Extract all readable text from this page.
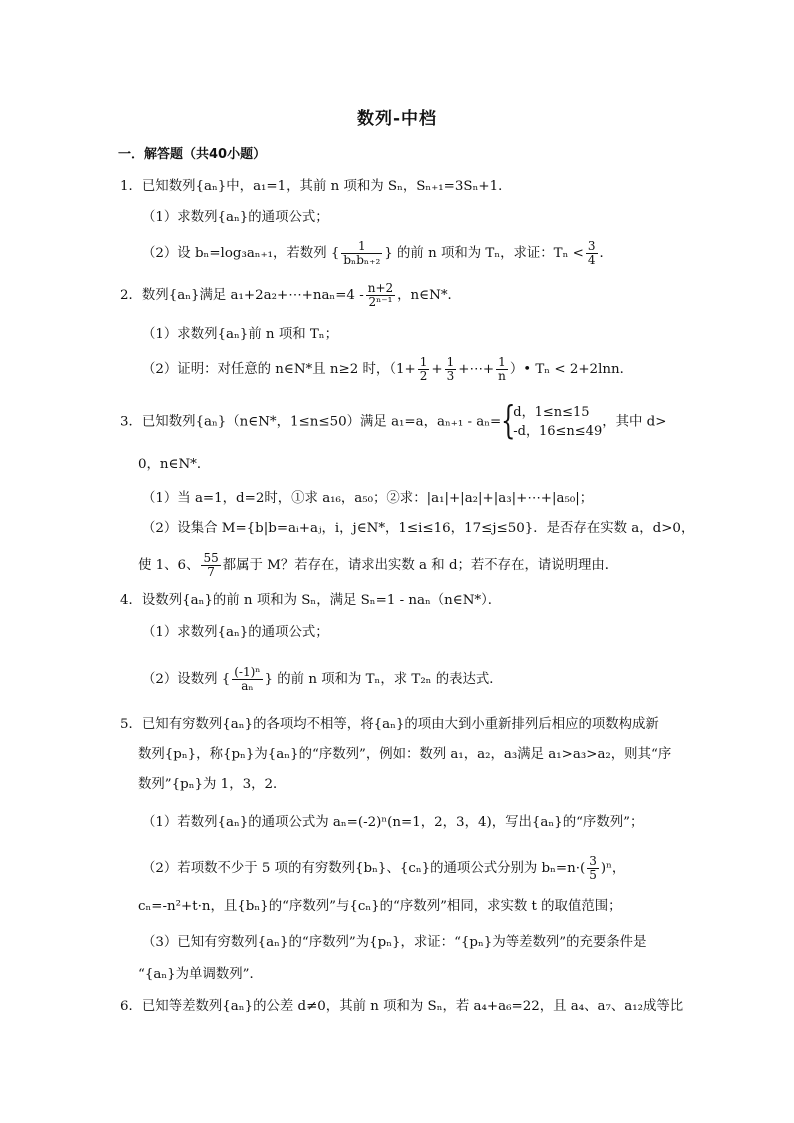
数列-中档
一．解答题（共40小题）
1．已知数列{aₙ}中，a₁=1，其前 n 项和为 Sₙ，Sₙ₊₁=3Sₙ+1．
（1）求数列{aₙ}的通项公式；
（2）设 bₙ=log₃aₙ₊₁，若数列 { $\frac{1}{\text{bₙbₙ₊₂}}$ } 的前 n 项和为 Tₙ，求证：$T_n < \frac{3}{4}$ ．
2．数列{aₙ}满足 a₁+2a₂+⋯+naₙ=4 - $\frac{n+2}{\text{2ⁿ⁻¹}}$ ，n∈N*．
（1）求数列{aₙ}前 n 项和 Tₙ；
（2）证明：对任意的 n∈N*且 n≥2 时，（$1+ \frac{1}{2} + \frac{1}{3}$ +⋯+ $\frac{1}{n}$ ）• Tₙ < 2+2lnn．
3．已知数列{aₙ}（n∈N*，1≤n≤50）满足 a₁=a，aₙ₊₁ - aₙ= {
d，1≤n≤15
-d，16≤n≤49
，其中 d>
0，n∈N*．
（1）当 a=1，d=2时，①求 a₁₆，a₅₀；②求：|a₁|+|a₂|+|a₃|+⋯+|a₅₀|；
（2）设集合 M={b|b=aᵢ+aⱼ，i，j∈N*，1≤i≤16，17≤j≤50}．是否存在实数 a，d>0，
使 1、6、 $\frac{55}{7}$ 都属于 M？若存在，请求出实数 a 和 d；若不存在，请说明理由．
4．设数列{aₙ}的前 n 项和为 Sₙ，满足 Sₙ=1 - naₙ（n∈N*）．
（1）求数列{aₙ}的通项公式；
（2）设数列 { $\frac{\text{(-1)ⁿ}}{\text{aₙ}}$ } 的前 n 项和为 Tₙ，求 T₂ₙ 的表达式．
5．已知有穷数列{aₙ}的各项均不相等，将{aₙ}的项由大到小重新排列后相应的项数构成新
数列{pₙ}，称{pₙ}为{aₙ}的“序数列”，例如：数列 a₁，a₂，a₃满足 a₁>a₃>a₂，则其“序
数列”{pₙ}为 1，3，2．
（1）若数列{aₙ}的通项公式为 aₙ=(-2)ⁿ(n=1，2，3，4)，写出{aₙ}的“序数列”；
（2）若项数不少于 5 项的有穷数列{bₙ}、{cₙ}的通项公式分别为 $b_n=n\cdot( \frac{3}{5} )^n$，
cₙ=-n²+t·n，且{bₙ}的“序数列”与{cₙ}的“序数列”相同，求实数 t 的取值范围；
（3）已知有穷数列{aₙ}的“序数列”为{pₙ}，求证：“{pₙ}为等差数列”的充要条件是
“{aₙ}为单调数列”．
6．已知等差数列{aₙ}的公差 d≠0，其前 n 项和为 Sₙ，若 a₄+a₆=22，且 a₄、a₇、a₁₂成等比
